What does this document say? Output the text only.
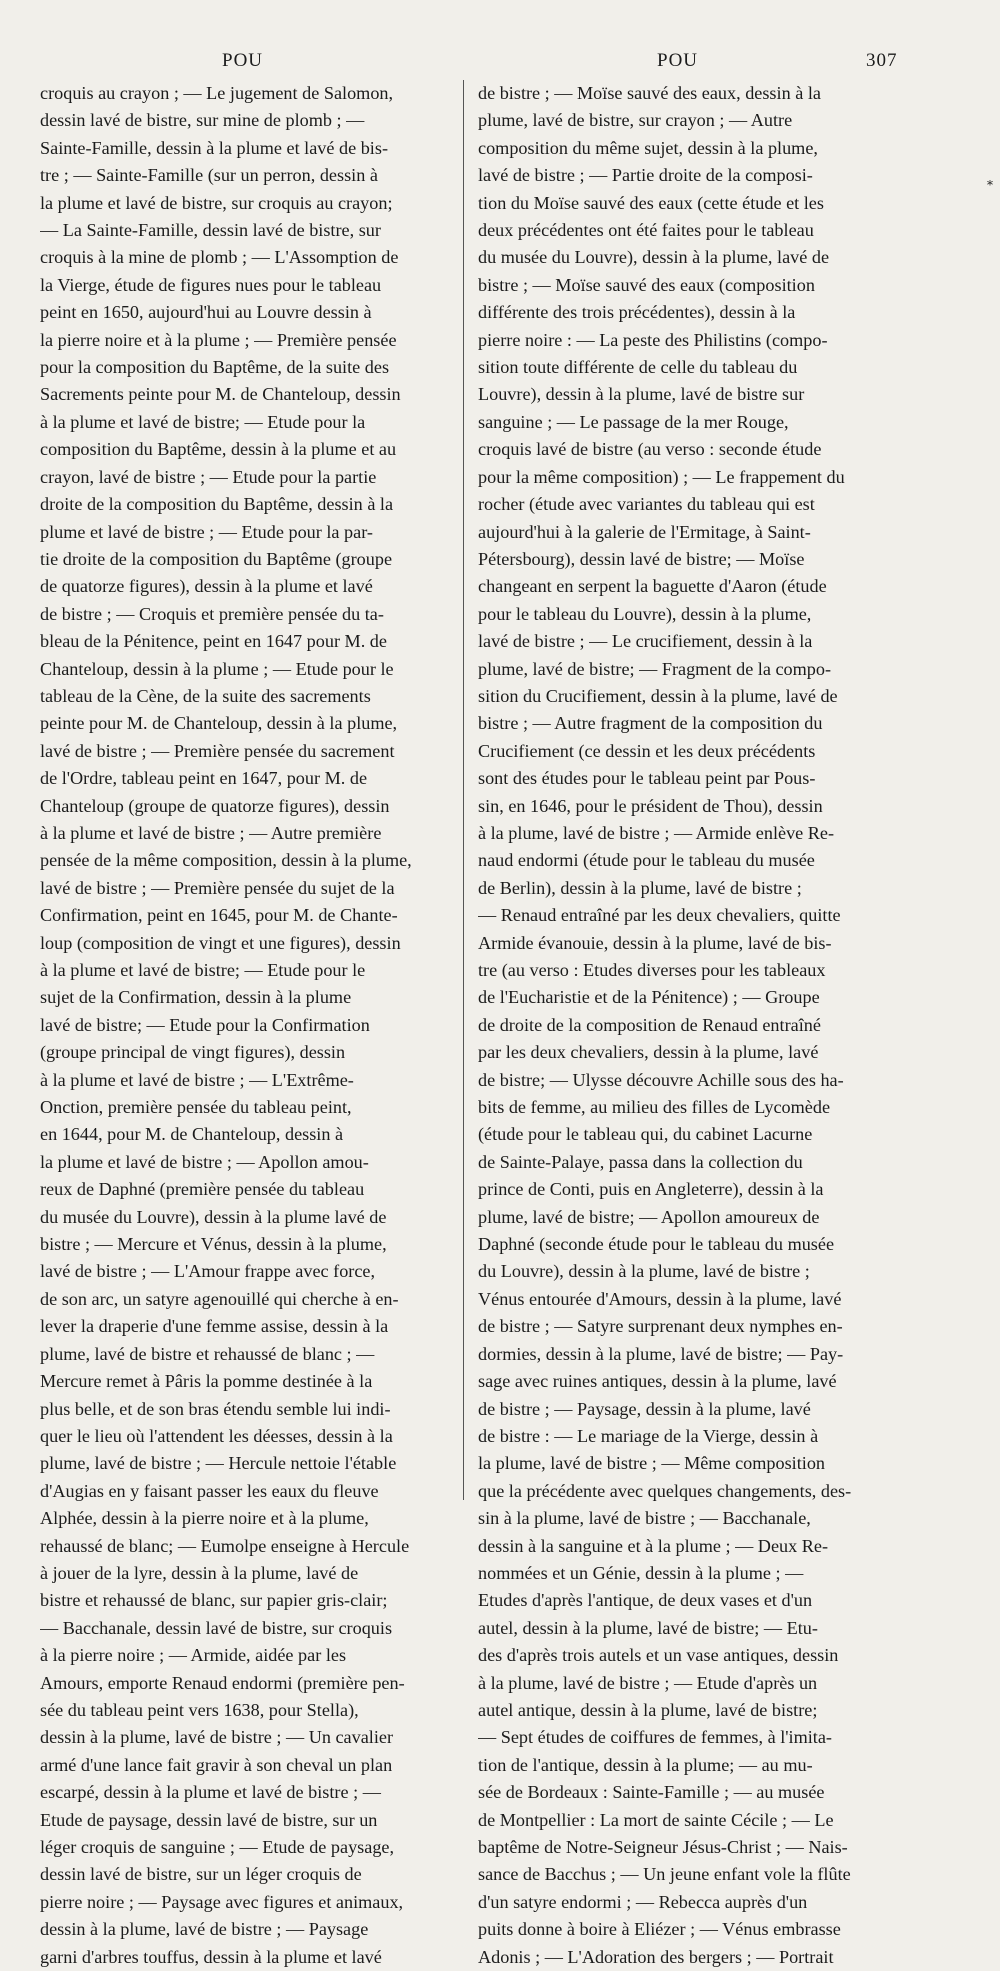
POU	POU	307
*
croquis au crayon ; — Le jugement de Salomon,
dessin lavé de bistre, sur mine de plomb ; —
Sainte-Famille, dessin à la plume et lavé de bis-
tre ; — Sainte-Famille (sur un perron, dessin à
la plume et lavé de bistre, sur croquis au crayon;
— La Sainte-Famille, dessin lavé de bistre, sur
croquis à la mine de plomb ; — L'Assomption de
la Vierge, étude de figures nues pour le tableau
peint en 1650, aujourd'hui au Louvre dessin à
la pierre noire et à la plume ; — Première pensée
pour la composition du Baptême, de la suite des
Sacrements peinte pour M. de Chanteloup, dessin
à la plume et lavé de bistre; — Etude pour la
composition du Baptême, dessin à la plume et au
crayon, lavé de bistre ; — Etude pour la partie
droite de la composition du Baptême, dessin à la
plume et lavé de bistre ; — Etude pour la par-
tie droite de la composition du Baptême (groupe
de quatorze figures), dessin à la plume et lavé
de bistre ; — Croquis et première pensée du ta-
bleau de la Pénitence, peint en 1647 pour M. de
Chanteloup, dessin à la plume ; — Etude pour le
tableau de la Cène, de la suite des sacrements
peinte pour M. de Chanteloup, dessin à la plume,
lavé de bistre ; — Première pensée du sacrement
de l'Ordre, tableau peint en 1647, pour M. de
Chanteloup (groupe de quatorze figures), dessin
à la plume et lavé de bistre ; — Autre première
pensée de la même composition, dessin à la plume,
lavé de bistre ; — Première pensée du sujet de la
Confirmation, peint en 1645, pour M. de Chante-
loup (composition de vingt et une figures), dessin
à la plume et lavé de bistre; — Etude pour le
sujet de la Confirmation, dessin à la plume
lavé de bistre; — Etude pour la Confirmation
(groupe principal de vingt figures), dessin
à la plume et lavé de bistre ; — L'Extrême-
Onction, première pensée du tableau peint,
en 1644, pour M. de Chanteloup, dessin à
la plume et lavé de bistre ; — Apollon amou-
reux de Daphné (première pensée du tableau
du musée du Louvre), dessin à la plume lavé de
bistre ; — Mercure et Vénus, dessin à la plume,
lavé de bistre ; — L'Amour frappe avec force,
de son arc, un satyre agenouillé qui cherche à en-
lever la draperie d'une femme assise, dessin à la
plume, lavé de bistre et rehaussé de blanc ; —
Mercure remet à Pâris la pomme destinée à la
plus belle, et de son bras étendu semble lui indi-
quer le lieu où l'attendent les déesses, dessin à la
plume, lavé de bistre ; — Hercule nettoie l'étable
d'Augias en y faisant passer les eaux du fleuve
Alphée, dessin à la pierre noire et à la plume,
rehaussé de blanc; — Eumolpe enseigne à Hercule
à jouer de la lyre, dessin à la plume, lavé de
bistre et rehaussé de blanc, sur papier gris-clair;
— Bacchanale, dessin lavé de bistre, sur croquis
à la pierre noire ; — Armide, aidée par les
Amours, emporte Renaud endormi (première pen-
sée du tableau peint vers 1638, pour Stella),
dessin à la plume, lavé de bistre ; — Un cavalier
armé d'une lance fait gravir à son cheval un plan
escarpé, dessin à la plume et lavé de bistre ; —
Etude de paysage, dessin lavé de bistre, sur un
léger croquis de sanguine ; — Etude de paysage,
dessin lavé de bistre, sur un léger croquis de
pierre noire ; — Paysage avec figures et animaux,
dessin à la plume, lavé de bistre ; — Paysage
garni d'arbres touffus, dessin à la plume et lavé
de bistre ; — Moïse sauvé des eaux, dessin à la
plume, lavé de bistre, sur crayon ; — Autre
composition du même sujet, dessin à la plume,
lavé de bistre ; — Partie droite de la composi-
tion du Moïse sauvé des eaux (cette étude et les
deux précédentes ont été faites pour le tableau
du musée du Louvre), dessin à la plume, lavé de
bistre ; — Moïse sauvé des eaux (composition
différente des trois précédentes), dessin à la
pierre noire : — La peste des Philistins (compo-
sition toute différente de celle du tableau du
Louvre), dessin à la plume, lavé de bistre sur
sanguine ; — Le passage de la mer Rouge,
croquis lavé de bistre (au verso : seconde étude
pour la même composition) ; — Le frappement du
rocher (étude avec variantes du tableau qui est
aujourd'hui à la galerie de l'Ermitage, à Saint-
Pétersbourg), dessin lavé de bistre; — Moïse
changeant en serpent la baguette d'Aaron (étude
pour le tableau du Louvre), dessin à la plume,
lavé de bistre ; — Le crucifiement, dessin à la
plume, lavé de bistre; — Fragment de la compo-
sition du Crucifiement, dessin à la plume, lavé de
bistre ; — Autre fragment de la composition du
Crucifiement (ce dessin et les deux précédents
sont des études pour le tableau peint par Pous-
sin, en 1646, pour le président de Thou), dessin
à la plume, lavé de bistre ; — Armide enlève Re-
naud endormi (étude pour le tableau du musée
de Berlin), dessin à la plume, lavé de bistre ;
— Renaud entraîné par les deux chevaliers, quitte
Armide évanouie, dessin à la plume, lavé de bis-
tre (au verso : Etudes diverses pour les tableaux
de l'Eucharistie et de la Pénitence) ; — Groupe
de droite de la composition de Renaud entraîné
par les deux chevaliers, dessin à la plume, lavé
de bistre; — Ulysse découvre Achille sous des ha-
bits de femme, au milieu des filles de Lycomède
(étude pour le tableau qui, du cabinet Lacurne
de Sainte-Palaye, passa dans la collection du
prince de Conti, puis en Angleterre), dessin à la
plume, lavé de bistre; — Apollon amoureux de
Daphné (seconde étude pour le tableau du musée
du Louvre), dessin à la plume, lavé de bistre ;
Vénus entourée d'Amours, dessin à la plume, lavé
de bistre ; — Satyre surprenant deux nymphes en-
dormies, dessin à la plume, lavé de bistre; — Pay-
sage avec ruines antiques, dessin à la plume, lavé
de bistre ; — Paysage, dessin à la plume, lavé
de bistre : — Le mariage de la Vierge, dessin à
la plume, lavé de bistre ; — Même composition
que la précédente avec quelques changements, des-
sin à la plume, lavé de bistre ; — Bacchanale,
dessin à la sanguine et à la plume ; — Deux Re-
nommées et un Génie, dessin à la plume ; —
Etudes d'après l'antique, de deux vases et d'un
autel, dessin à la plume, lavé de bistre; — Etu-
des d'après trois autels et un vase antiques, dessin
à la plume, lavé de bistre ; — Etude d'après un
autel antique, dessin à la plume, lavé de bistre;
— Sept études de coiffures de femmes, à l'imita-
tion de l'antique, dessin à la plume; — au mu-
sée de Bordeaux : Sainte-Famille ; — au musée
de Montpellier : La mort de sainte Cécile ; — Le
baptême de Notre-Seigneur Jésus-Christ ; — Nais-
sance de Bacchus ; — Un jeune enfant vole la flûte
d'un satyre endormi ; — Rebecca auprès d'un
puits donne à boire à Eliézer ; — Vénus embrasse
Adonis ; — L'Adoration des bergers ; — Portrait
